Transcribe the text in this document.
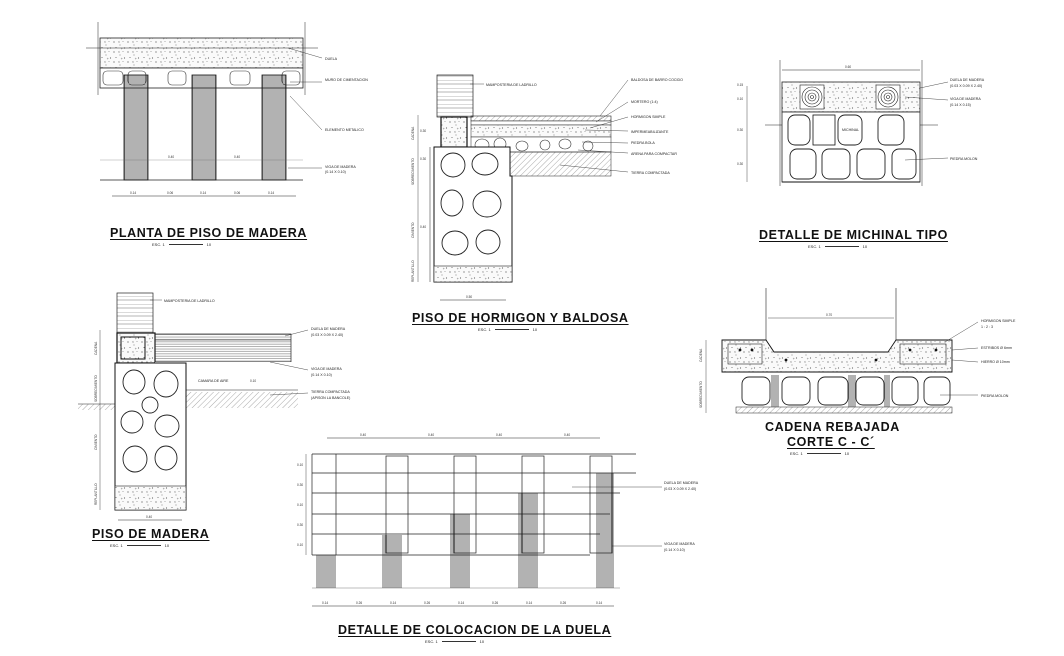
DUELA
MURO DE CIMENTACION
ELEMENTO METALICO
VIGA DE MADERA
(0.14 X 0.10)
0.40	0.40
0.14	0.06	0.14	0.06	0.14
0.50
0.30
0.30
0.40
CADENA
SOBRECIMIENTO
CIMIENTO
REPLANTILLO
MAMPOSTERIA DE LADRILLO
BALDOSA DE BARRO COCIDO
MORTERO (1:4)
HORMIGON SIMPLE
IMPERMEABILIZANTE
PIEDRA BOLA
ARENA PARA COMPACTAR
TIERRA COMPACTADA
0.60
MICHINAL
0.15
0.10
0.30
0.30
DUELA DE MADERA
(0.03 X 0.09 X 2.40)
VIGA DE MADERA
(0.14 X 0.15)
PIEDRA MOLON
CADENA
SOBRECIMIENTO
CIMIENTO
REPLANTILLO
0.40
0.10
MAMPOSTERIA DE LADRILLO
DUELA DE MADERA
(0.03 X 0.09 X 2.40)
CAMARA DE AIRE
VIGA DE MADERA
(0.14 X 0.10)
TIERRA COMPACTADA
(APISON LA BANCOLE)
0.40	0.40	0.40	0.40
0.10
0.30
0.10
0.30
0.10
0.14	0.26	0.14	0.26	0.14	0.26	0.14	0.26	0.14
DUELA DE MADERA
(0.03 X 0.09 X 2.40)
VIGA DE MADERA
(0.14 X 0.10)
0.70
CADENA
SOBRECIMIENTO
HORMIGON SIMPLE
1 : 2 : 3
ESTRIBOS Ø 6mm
HIERRO Ø 10mm
PIEDRA MOLON
PLANTA DE PISO DE MADERA
ESC. 1	10
PISO DE HORMIGON Y BALDOSA
ESC. 1	10
DETALLE DE MICHINAL TIPO
ESC. 1	10
PISO DE MADERA
ESC. 1	10
DETALLE DE COLOCACION DE LA DUELA
ESC. 1	10
CADENA REBAJADA
CORTE C - C´
ESC. 1	10
